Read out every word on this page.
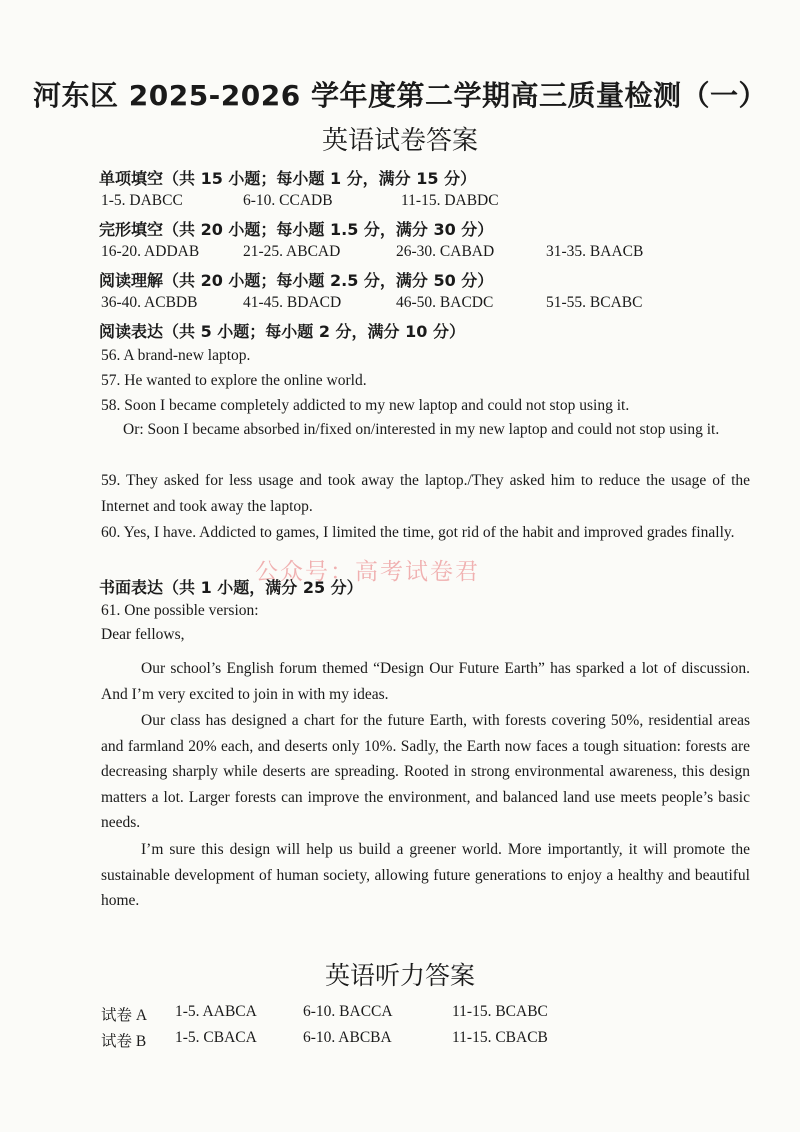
河东区 2025-2026 学年度第二学期高三质量检测（一）
英语试卷答案
单项填空（共 15 小题；每小题 1 分，满分 15 分）
1-5. DABCC	6-10. CCADB	11-15. DABDC
完形填空（共 20 小题；每小题 1.5 分，满分 30 分）
16-20. ADDAB	21-25. ABCAD	26-30. CABAD	31-35. BAACB
阅读理解（共 20 小题；每小题 2.5 分，满分 50 分）
36-40. ACBDB	41-45. BDACD	46-50. BACDC	51-55. BCABC
阅读表达（共 5 小题；每小题 2 分，满分 10 分）
56. A brand-new laptop.
57. He wanted to explore the online world.
58. Soon I became completely addicted to my new laptop and could not stop using it.
Or: Soon I became absorbed in/fixed on/interested in my new laptop and could not stop using it.
59. They asked for less usage and took away the laptop./They asked him to reduce the usage of the Internet and took away the laptop.
60. Yes, I have. Addicted to games, I limited the time, got rid of the habit and improved grades finally.
公众号：高考试卷君
书面表达（共 1 小题，满分 25 分）
61. One possible version:
Dear fellows,
Our school’s English forum themed “Design Our Future Earth” has sparked a lot of discussion. And I’m very excited to join in with my ideas.
Our class has designed a chart for the future Earth, with forests covering 50%, residential areas and farmland 20% each, and deserts only 10%. Sadly, the Earth now faces a tough situation: forests are decreasing sharply while deserts are spreading. Rooted in strong environmental awareness, this design matters a lot. Larger forests can improve the environment, and balanced land use meets people’s basic needs.
I’m sure this design will help us build a greener world. More importantly, it will promote the sustainable development of human society, allowing future generations to enjoy a healthy and beautiful home.
英语听力答案
试卷 A 1-5. AABCA	6-10. BACCA	11-15. BCABC
试卷 B 1-5. CBACA	6-10. ABCBA	11-15. CBACB
